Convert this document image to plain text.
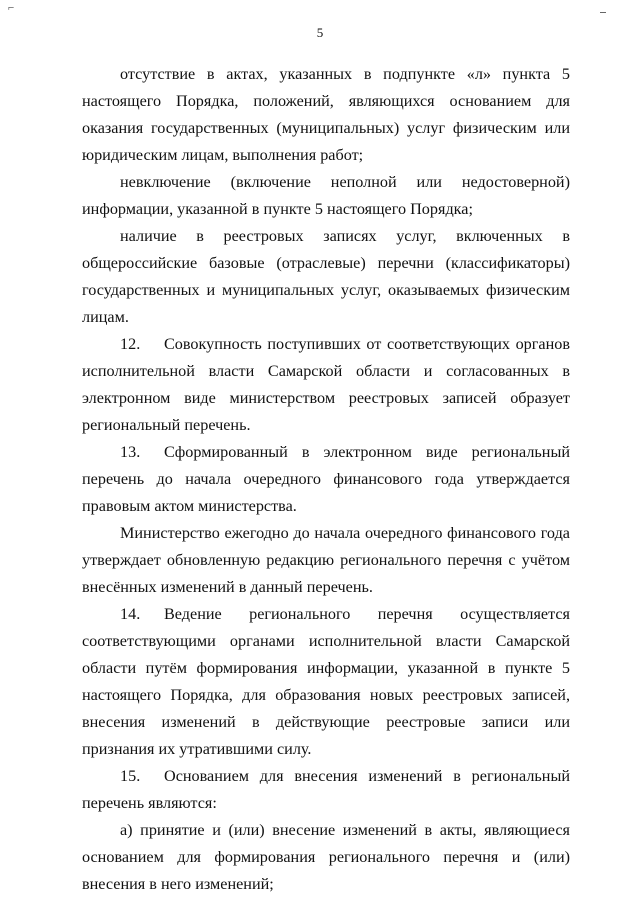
⌐
5

отсутствие в актах, указанных в подпункте «л» пункта 5 настоящего Порядка, положений, являющихся основанием для оказания государственных (муниципальных) услуг физическим или юридическим лицам, выполнения работ;

невключение (включение неполной или недостоверной) информации, указанной в пункте 5 настоящего Порядка;

наличие в реестровых записях услуг, включенных в общероссийские базовые (отраслевые) перечни (классификаторы) государственных и муниципальных услуг, оказываемых физическим лицам.

12. Совокупность поступивших от соответствующих органов исполнительной власти Самарской области и согласованных в электронном виде министерством реестровых записей образует региональный перечень.

13. Сформированный в электронном виде региональный перечень до начала очередного финансового года утверждается правовым актом министерства.

Министерство ежегодно до начала очередного финансового года утверждает обновленную редакцию регионального перечня с учётом внесённых изменений в данный перечень.

14. Ведение регионального перечня осуществляется соответствующими органами исполнительной власти Самарской области путём формирования информации, указанной в пункте 5 настоящего Порядка, для образования новых реестровых записей, внесения изменений в действующие реестровые записи или признания их утратившими силу.

15. Основанием для внесения изменений в региональный перечень являются:

а) принятие и (или) внесение изменений в акты, являющиеся основанием для формирования регионального перечня и (или) внесения в него изменений;
